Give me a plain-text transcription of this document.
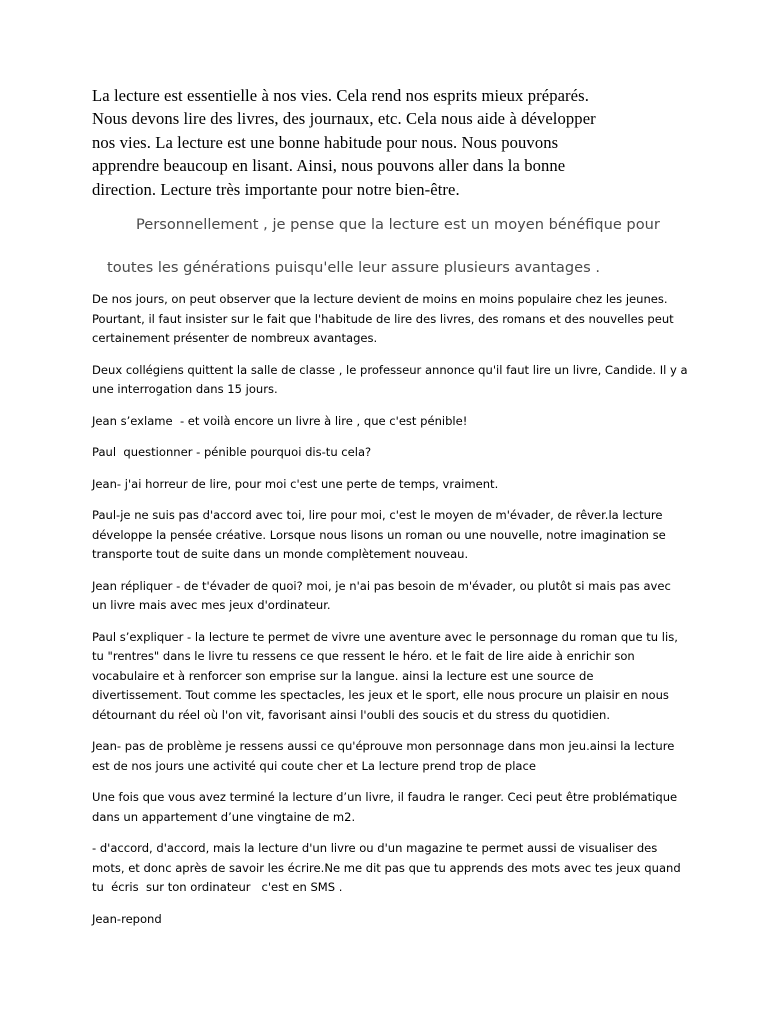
La lecture est essentielle à nos vies. Cela rend nos esprits mieux préparés.
Nous devons lire des livres, des journaux, etc. Cela nous aide à développer
nos vies. La lecture est une bonne habitude pour nous. Nous pouvons
apprendre beaucoup en lisant. Ainsi, nous pouvons aller dans la bonne
direction. Lecture très importante pour notre bien-être.
Personnellement , je pense que la lecture est un moyen bénéfique pour
toutes les générations puisqu'elle leur assure plusieurs avantages .

De nos jours, on peut observer que la lecture devient de moins en moins populaire chez les jeunes.
Pourtant, il faut insister sur le fait que l'habitude de lire des livres, des romans et des nouvelles peut
certainement présenter de nombreux avantages.

Deux collégiens quittent la salle de classe , le professeur annonce qu'il faut lire un livre, Candide. Il y a
une interrogation dans 15 jours.

Jean s’exlame  - et voilà encore un livre à lire , que c'est pénible!

Paul  questionner - pénible pourquoi dis-tu cela?

Jean- j'ai horreur de lire, pour moi c'est une perte de temps, vraiment.

Paul-je ne suis pas d'accord avec toi, lire pour moi, c'est le moyen de m'évader, de rêver.la lecture
développe la pensée créative. Lorsque nous lisons un roman ou une nouvelle, notre imagination se
transporte tout de suite dans un monde complètement nouveau.

Jean répliquer - de t'évader de quoi? moi, je n'ai pas besoin de m'évader, ou plutôt si mais pas avec
un livre mais avec mes jeux d'ordinateur.

Paul s’expliquer - la lecture te permet de vivre une aventure avec le personnage du roman que tu lis,
tu "rentres" dans le livre tu ressens ce que ressent le héro. et le fait de lire aide à enrichir son
vocabulaire et à renforcer son emprise sur la langue. ainsi la lecture est une source de
divertissement. Tout comme les spectacles, les jeux et le sport, elle nous procure un plaisir en nous
détournant du réel où l'on vit, favorisant ainsi l'oubli des soucis et du stress du quotidien.

Jean- pas de problème je ressens aussi ce qu'éprouve mon personnage dans mon jeu.ainsi la lecture
est de nos jours une activité qui coute cher et La lecture prend trop de place

Une fois que vous avez terminé la lecture d’un livre, il faudra le ranger. Ceci peut être problématique
dans un appartement d’une vingtaine de m2.

- d'accord, d'accord, mais la lecture d'un livre ou d'un magazine te permet aussi de visualiser des
mots, et donc après de savoir les écrire.Ne me dit pas que tu apprends des mots avec tes jeux quand
tu  écris  sur ton ordinateur   c'est en SMS .

Jean-repond
